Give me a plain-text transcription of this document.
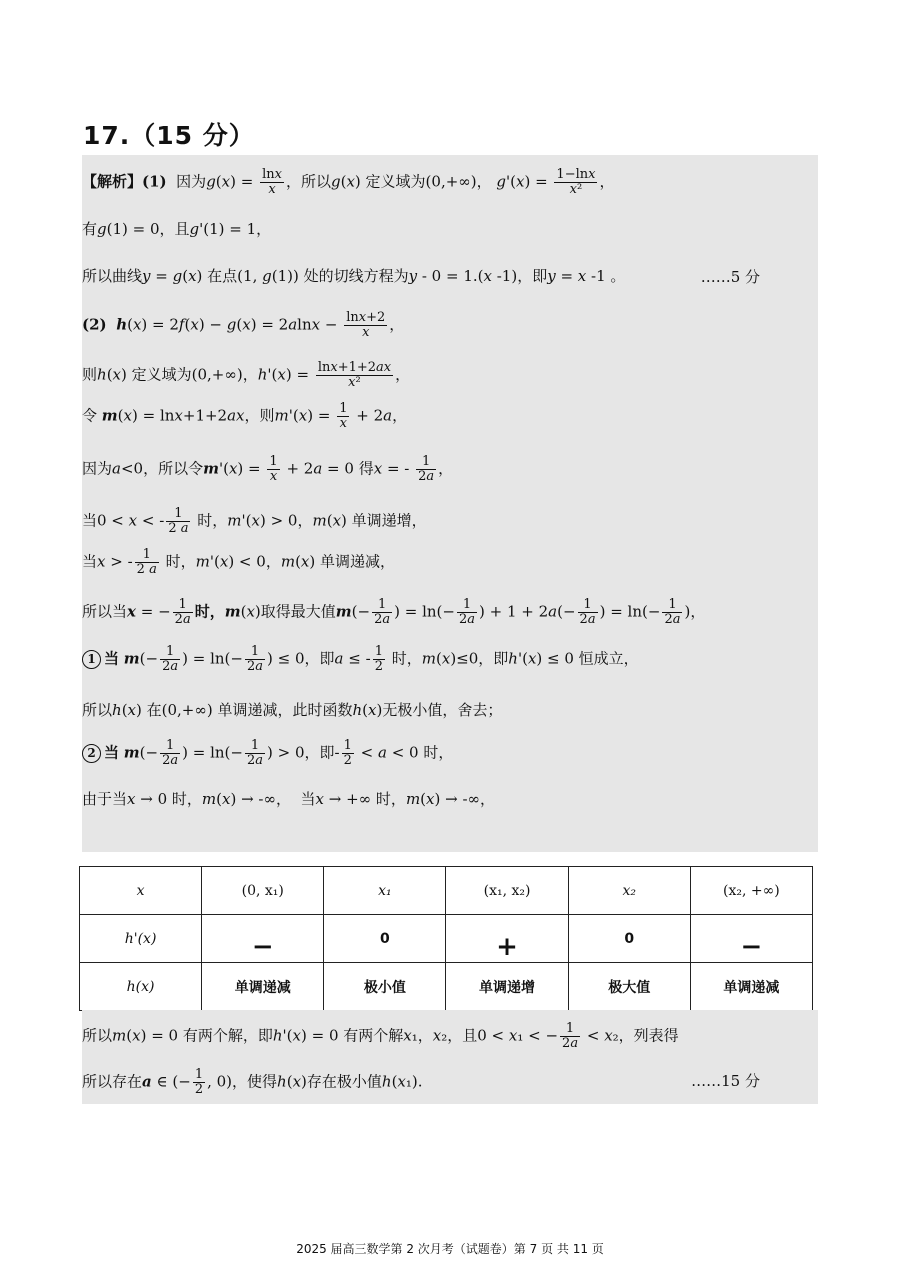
17.（15 分）
【解析】(1)  因为$g(x) = \frac{\ln x}{x}$ ，所以g(x) 定义域为(0,+∞)， $g'(x) = \frac{1-\ln x}{\text{x²}}$ ，
有g(1) = 0，且g'(1) = 1，
所以曲线y = g(x) 在点(1, g(1)) 处的切线方程为y - 0 = 1.(x -1)，即y = x -1 。	……5 分
(2) $h(x) = 2f(x) - g(x) = 2alnx - \frac{\ln x+2}{x}$ ，
则h(x) 定义域为(0,+∞)，$h'(x) = \frac{\ln x+1+2ax}{\text{x²}}$ ，
令 m(x) = lnx+1+2ax，则$m'(x) = \frac{1}{x} + 2a$，
因为a<0，所以令$m'(x) = \frac{1}{x} + 2a = 0$ 得x = - $\frac{1}{2a}$ ，
当0 < x < - $\frac{1}{2 a}$ 时，m'(x) > 0，m(x) 单调递增，
当x > - $\frac{1}{2 a}$ 时，m'(x) < 0，m(x) 单调递减，
所以当x = − $\frac{1}{2a}$ 时，m(x)取得最大值$m(- \frac{1}{2a}$ ) = $\ln(- \frac{1}{2a}$ ) + $1 + 2a(- \frac{1}{2a}$ ) = $\ln(- \frac{1}{2a}$ )，
1 当 $m(- \frac{1}{2a}$ ) = $\ln(- \frac{1}{2a}$ ) ≤ 0，即a ≤ - $\frac{1}{2}$ 时，m(x)≤0，即h'(x) ≤ 0 恒成立，
所以h(x) 在(0,+∞) 单调递减，此时函数h(x)无极小值，舍去；
2 当 $m(- \frac{1}{2a}$ ) = $\ln(- \frac{1}{2a}$ ) > 0，即- $\frac{1}{2} < a < 0$ 时，
由于当x → 0 时，m(x) → -∞，  当x → +∞ 时，m(x) → -∞，
x	(0, x₁)	x₁	(x₁, x₂)	x₂	(x₂, +∞)
h'(x)	−	0	+	0	−
h(x)	单调递减	极小值	单调递增	极大值	单调递减
所以m(x) = 0 有两个解，即h'(x) = 0 有两个解x₁，x₂，且0 < x₁ < − $\frac{1}{2a} < x_2$，列表得
所以存在a ∈ (− $\frac{1}{2}$ , 0)，使得h(x)存在极小值h(x₁).	……15 分
2025 届高三数学第 2 次月考（试题卷）第 7 页 共 11 页
